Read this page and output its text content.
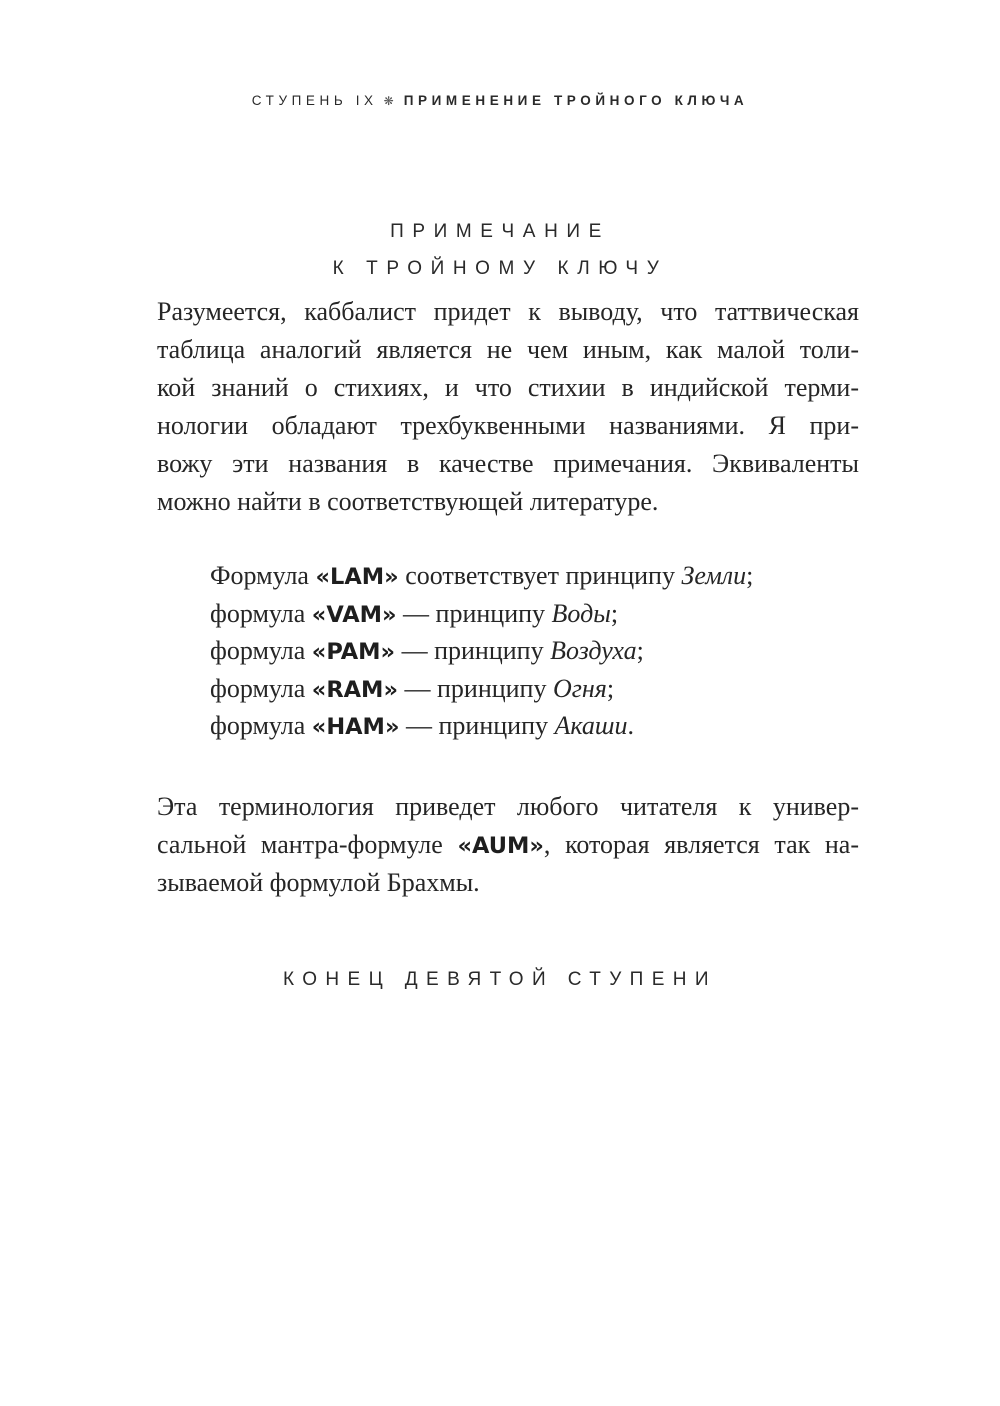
СТУПЕНЬ IX ❋ ПРИМЕНЕНИЕ ТРОЙНОГО КЛЮЧА
ПРИМЕЧАНИЕ
К ТРОЙНОМУ КЛЮЧУ
Разумеется, каббалист придет к выводу, что таттвическая
таблица аналогий является не чем иным, как малой толи-
кой знаний о стихиях, и что стихии в индийской терми-
нологии обладают трехбуквенными названиями. Я при-
вожу эти названия в качестве примечания. Эквиваленты
можно найти в соответствующей литературе.
Формула «LAM» соответствует принципу Земли;
формула «VAM» — принципу Воды;
формула «PAM» — принципу Воздуха;
формула «RAM» — принципу Огня;
формула «HAM» — принципу Акаши.
Эта терминология приведет любого читателя к универ-
сальной мантра-формуле «AUM», которая является так на-
зываемой формулой Брахмы.
КОНЕЦ ДЕВЯТОЙ СТУПЕНИ
